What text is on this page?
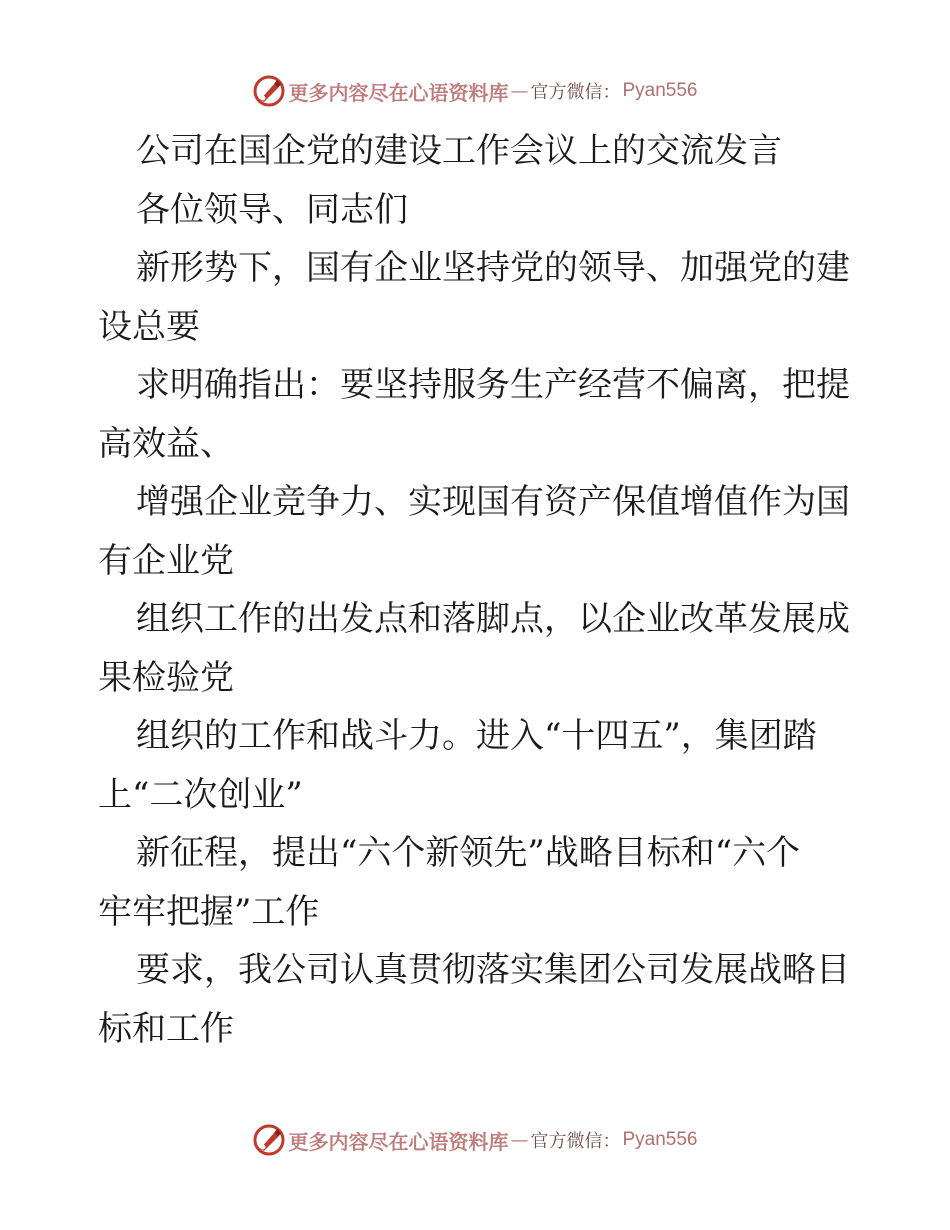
更多内容尽在心语资料库 — 官方微信： Pyan556
公司在国企党的建设工作会议上的交流发言
各位领导、同志们
新形势下，国有企业坚持党的领导、加强党的建
设总要
求明确指出：要坚持服务生产经营不偏离，把提
高效益、
增强企业竞争力、实现国有资产保值增值作为国
有企业党
组织工作的出发点和落脚点，以企业改革发展成
果检验党
组织的工作和战斗力。进入“十四五”，集团踏
上“二次创业”
新征程，提出“六个新领先”战略目标和“六个
牢牢把握”工作
要求，我公司认真贯彻落实集团公司发展战略目
标和工作
更多内容尽在心语资料库 — 官方微信： Pyan556
